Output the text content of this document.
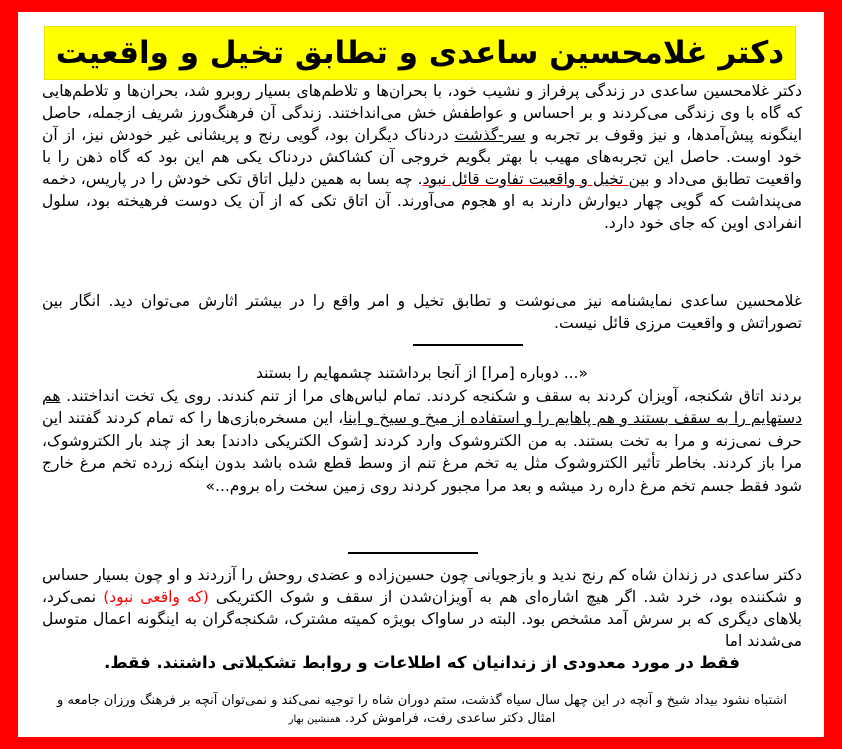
دکتر غلامحسین ساعدی و تطابق تخیل و واقعیت
دکتر غلامحسین ساعدی در زندگی پرفراز و نشیب خود، با بحران‌ها و تلاطم‌های بسیار روبرو شد، بحران‌ها و تلاطم‌هایی که گاه با وی زندگی می‌کردند و بر احساس و عواطفش خش می‌انداختند. زندگی آن فرهنگ‌ورز شریف ازجمله، حاصل اینگونه پیش‌آمدها، و نیز وقوف بر تجربه و سر-گذشت دردناک دیگران بود، گویی رنج و پریشانی غیر خودش نیز، از آن خود اوست. حاصل این تجربه‌های مهیب با بهتر بگویم خروجی آن کشاکش دردناک یکی هم این بود که گاه ذهن را با واقعیت تطابق می‌داد و بین تخیل و واقعیت تفاوت قائل نبود. چه بسا به همین دلیل اتاق تکی خودش را در پاریس، دخمه می‌پنداشت که گویی چهار دیوارش دارند به او هجوم می‌آورند. آن اتاق تکی که از آن یک دوست فرهیخته بود، سلول انفرادی اوین که جای خود دارد.
غلامحسین ساعدی نمایشنامه نیز می‌نوشت و تطابق تخیل و امر واقع را در بیشتر اثارش می‌توان دید. انگار بین تصوراتش و واقعیت مرزی قائل نیست.
«... دوباره [مرا] از آنجا برداشتند چشمهایم را بستند
بردند اتاق شکنجه، آویزان کردند به سقف و شکنجه کردند. تمام لباس‌های مرا از تنم کندند. روی یک تخت انداختند. هم دستهایم را به سقف بستند و هم پاهایم را و استفاده از میخ و سیخ و اینا، این مسخره‌بازی‌ها را که تمام کردند گفتند این حرف نمی‌زنه و مرا به تخت بستند. به من الکتروشوک وارد کردند [شوک الکتریکی دادند] بعد از چند بار الکتروشوک، مرا باز کردند. بخاطر تأثیر الکتروشوک مثل یه تخم مرغ تنم از وسط قطع شده باشد بدون اینکه زرده تخم مرغ خارج شود فقط جسم تخم مرغ داره رد میشه و بعد مرا مجبور کردند روی زمین سخت راه بروم...»
دکتر ساعدی در زندان شاه کم رنج ندید و بازجویانی چون حسین‌زاده و عضدی روحش را آزردند و او چون بسیار حساس و شکننده بود، خرد شد. اگر هیچ اشاره‌ای هم به آویزان‌شدن از سقف و شوک الکتریکی (که واقعی نبود) نمی‌کرد، بلاهای دیگری که بر سرش آمد مشخص بود. البته در ساواک بویژه کمیته مشترک، شکنجه‌گران به اینگونه اعمال متوسل می‌شدند اما
فقط در مورد معدودی از زندانیان که اطلاعات و روابط تشکیلاتی داشتند. فقط.
اشتباه نشود بیداد شیخ و آنچه در این چهل سال سیاه گذشت، ستم دوران شاه را توجیه نمی‌کند و نمی‌توان آنچه بر فرهنگ ورزان جامعه و امثال دکتر ساعدی رفت، فراموش کرد. همنشین بهار
